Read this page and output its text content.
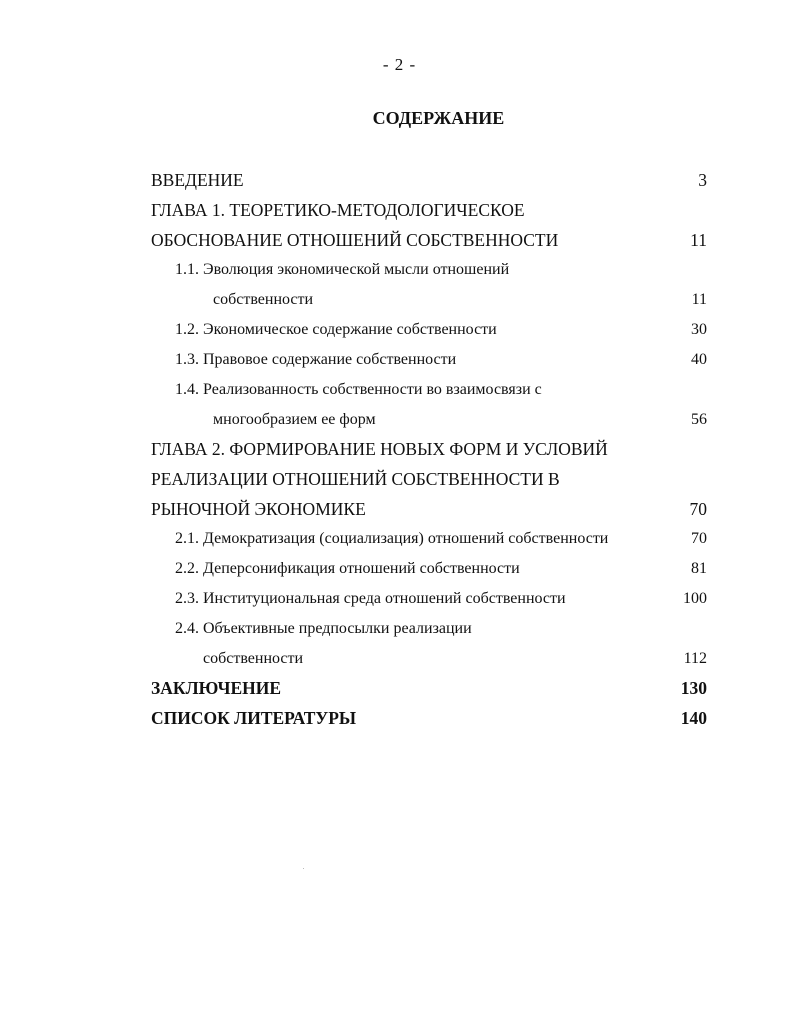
- 2 -
СОДЕРЖАНИЕ
ВВЕДЕНИЕ	3
ГЛАВА 1. ТЕОРЕТИКО-МЕТОДОЛОГИЧЕСКОЕ
ОБОСНОВАНИЕ ОТНОШЕНИЙ СОБСТВЕННОСТИ	11
1.1. Эволюция экономической мысли отношений
собственности	11
1.2. Экономическое содержание собственности	30
1.3. Правовое содержание собственности	40
1.4. Реализованность собственности во взаимосвязи с
многообразием ее форм	56
ГЛАВА 2. ФОРМИРОВАНИЕ НОВЫХ ФОРМ И УСЛОВИЙ
РЕАЛИЗАЦИИ ОТНОШЕНИЙ СОБСТВЕННОСТИ В
РЫНОЧНОЙ ЭКОНОМИКЕ	70
2.1. Демократизация (социализация) отношений собственности	70
2.2. Деперсонификация отношений собственности	81
2.3. Институциональная среда отношений собственности	100
2.4. Объективные предпосылки реализации
собственности	112
ЗАКЛЮЧЕНИЕ	130
СПИСОК ЛИТЕРАТУРЫ	140
